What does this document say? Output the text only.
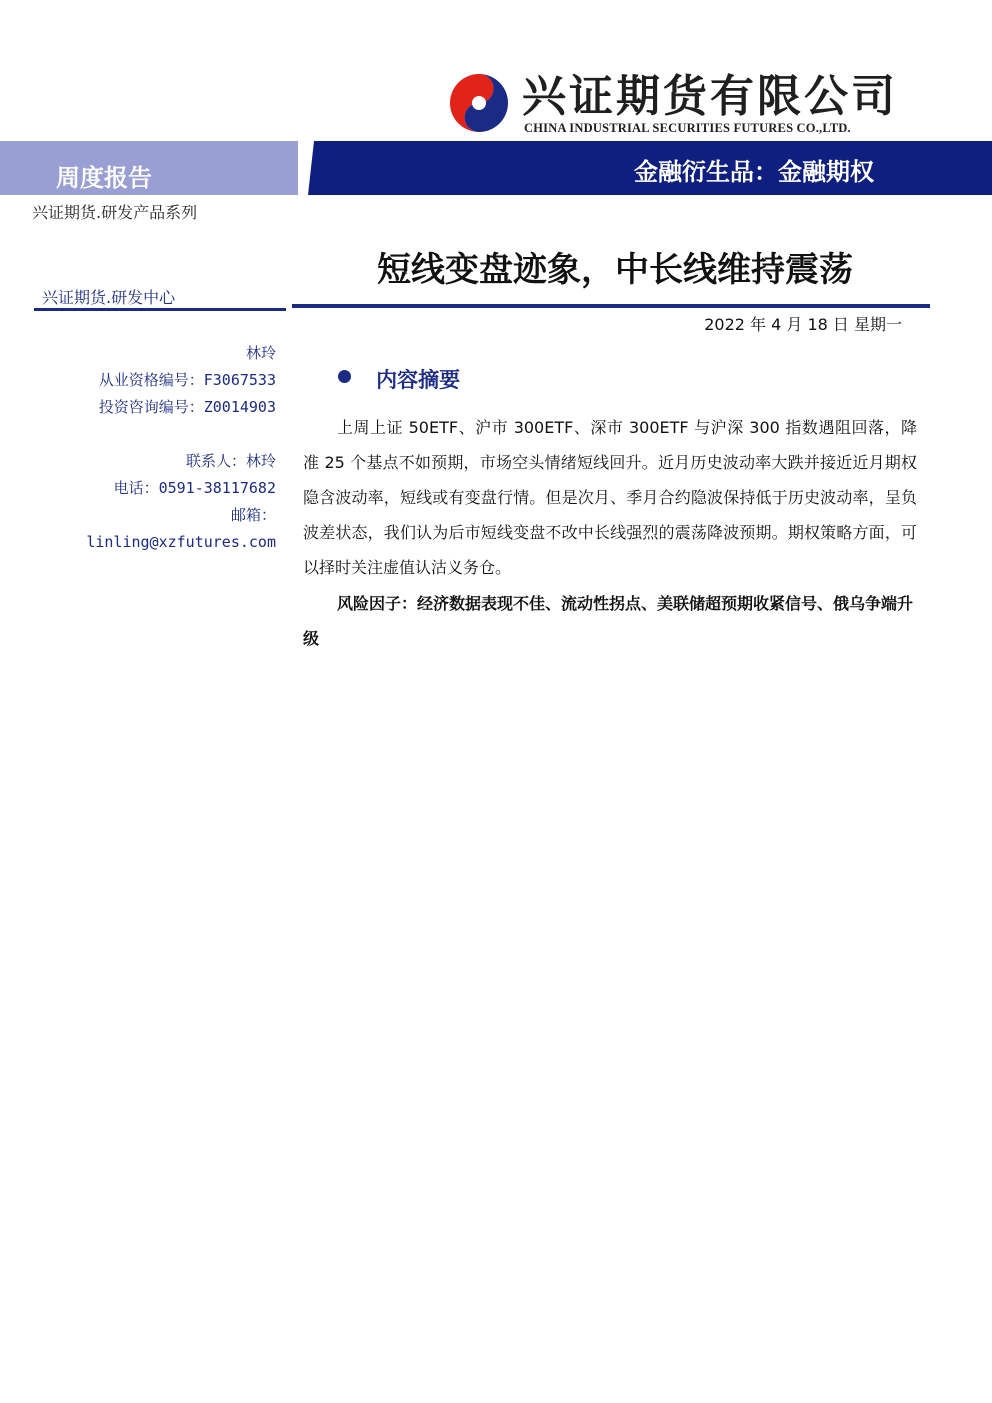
兴证期货有限公司
CHINA INDUSTRIAL SECURITIES FUTURES CO.,LTD.
周度报告	金融衍生品：金融期权
兴证期货.研发产品系列
短线变盘迹象，中长线维持震荡
2022 年 4 月 18 日 星期一
兴证期货.研发中心
林玲
从业资格编号：F3067533
投资咨询编号：Z0014903
联系人：林玲
电话：0591-38117682
邮箱：
linling@xzfutures.com
内容摘要
上周上证 50ETF、沪市 300ETF、深市 300ETF 与沪深 300 指数遇阻回落，降准 25 个基点不如预期，市场空头情绪短线回升。近月历史波动率大跌并接近近月期权隐含波动率，短线或有变盘行情。但是次月、季月合约隐波保持低于历史波动率，呈负波差状态，我们认为后市短线变盘不改中长线强烈的震荡降波预期。期权策略方面，可以择时关注虚值认沽义务仓。
风险因子：经济数据表现不佳、流动性拐点、美联储超预期收紧信号、俄乌争端升级
